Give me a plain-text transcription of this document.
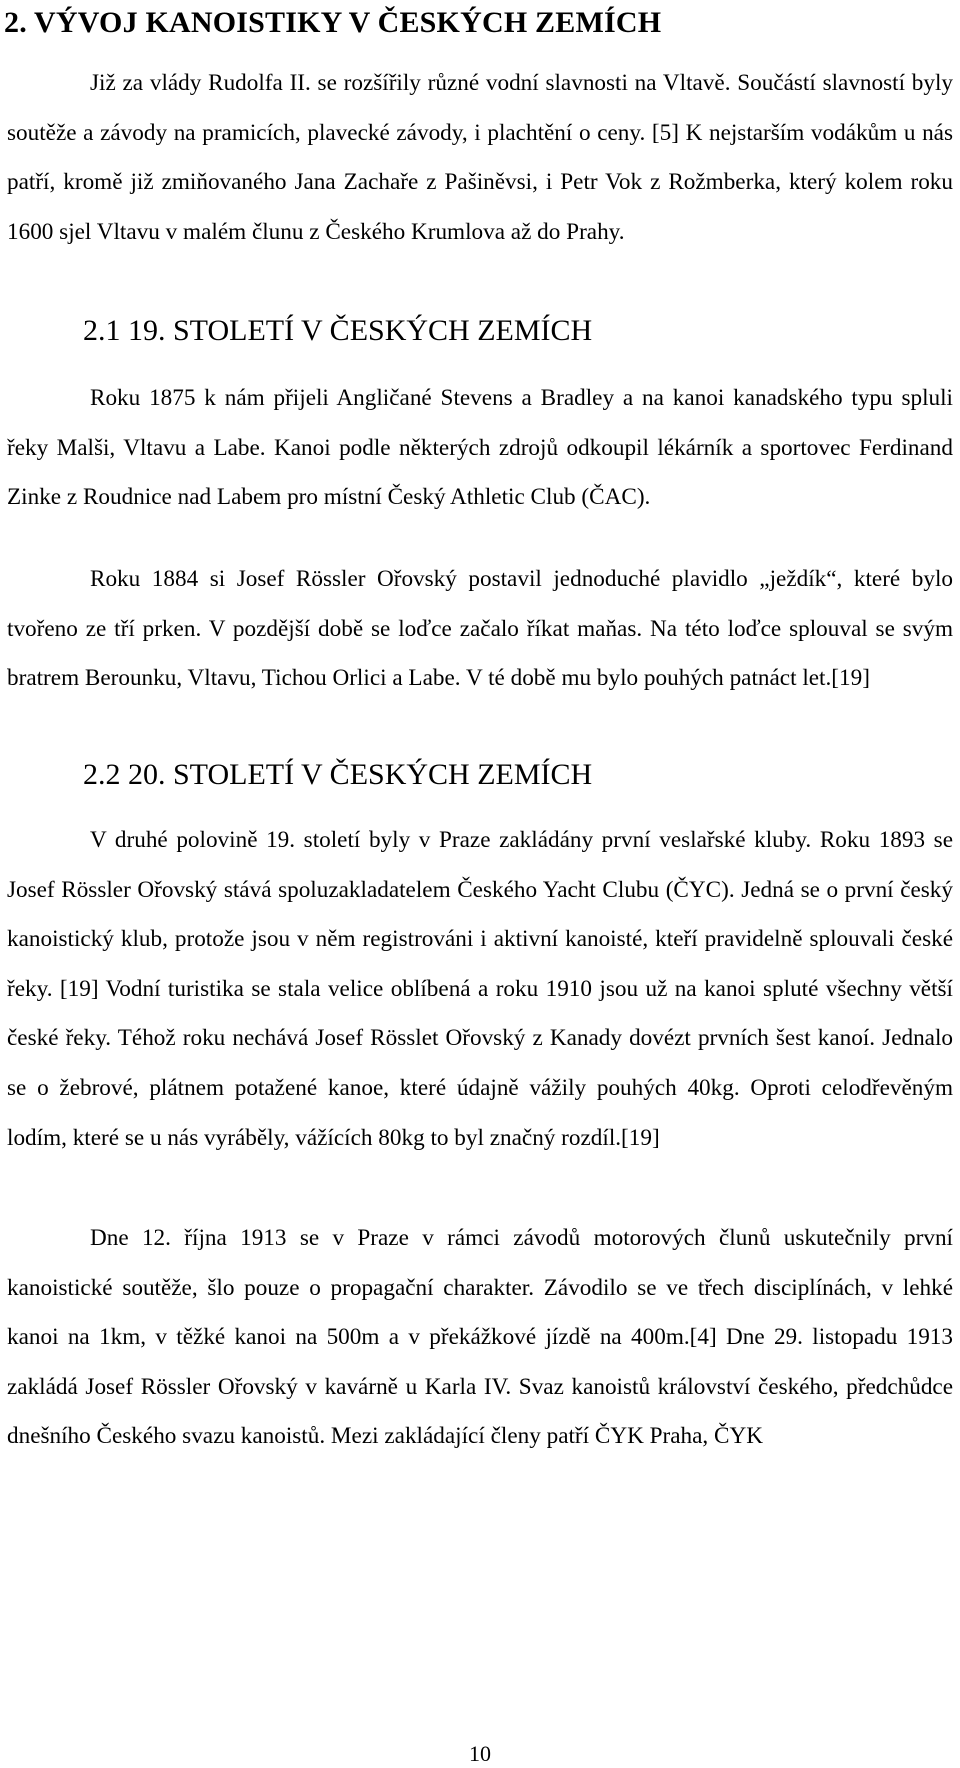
2. VÝVOJ KANOISTIKY V ČESKÝCH ZEMÍCH

Již za vlády Rudolfa II. se rozšířily různé vodní slavnosti na Vltavě. Součástí slavností byly soutěže a závody na pramicích, plavecké závody, i plachtění o ceny. [5] K nejstarším vodákům u nás patří, kromě již zmiňovaného Jana Zachaře z Pašiněvsi, i Petr Vok z Rožmberka, který kolem roku 1600 sjel Vltavu v malém člunu z Českého Krumlova až do Prahy.

2.1 19. STOLETÍ V ČESKÝCH ZEMÍCH

Roku 1875 k nám přijeli Angličané Stevens a Bradley a na kanoi kanadského typu spluli řeky Malši, Vltavu a Labe. Kanoi podle některých zdrojů odkoupil lékárník a sportovec Ferdinand Zinke z Roudnice nad Labem pro místní Český Athletic Club (ČAC).

Roku 1884 si Josef Rössler Ořovský postavil jednoduché plavidlo „ježdík“, které bylo tvořeno ze tří prken. V pozdější době se loďce začalo říkat maňas. Na této loďce splouval se svým bratrem Berounku, Vltavu, Tichou Orlici a Labe. V té době mu bylo pouhých patnáct let.[19]

2.2 20. STOLETÍ V ČESKÝCH ZEMÍCH

V druhé polovině 19. století byly v Praze zakládány první veslařské kluby. Roku 1893 se Josef Rössler Ořovský stává spoluzakladatelem Českého Yacht Clubu (ČYC). Jedná se o první český kanoistický klub, protože jsou v něm registrováni i aktivní kanoisté, kteří pravidelně splouvali české řeky. [19] Vodní turistika se stala velice oblíbená a roku 1910 jsou už na kanoi spluté všechny větší české řeky. Téhož roku nechává Josef Rösslet Ořovský z Kanady dovézt prvních šest kanoí. Jednalo se o žebrové, plátnem potažené kanoe, které údajně vážily pouhých 40kg. Oproti celodřevěným lodím, které se u nás vyráběly, vážících 80kg to byl značný rozdíl.[19]

Dne 12. října 1913 se v Praze v rámci závodů motorových člunů uskutečnily první kanoistické soutěže, šlo pouze o propagační charakter. Závodilo se ve třech disciplínách, v lehké kanoi na 1km, v těžké kanoi na 500m a v překážkové jízdě na 400m.[4] Dne 29. listopadu 1913 zakládá Josef Rössler Ořovský v kavárně u Karla IV. Svaz kanoistů království českého, předchůdce dnešního Českého svazu kanoistů. Mezi zakládající členy patří ČYK Praha, ČYK

10
